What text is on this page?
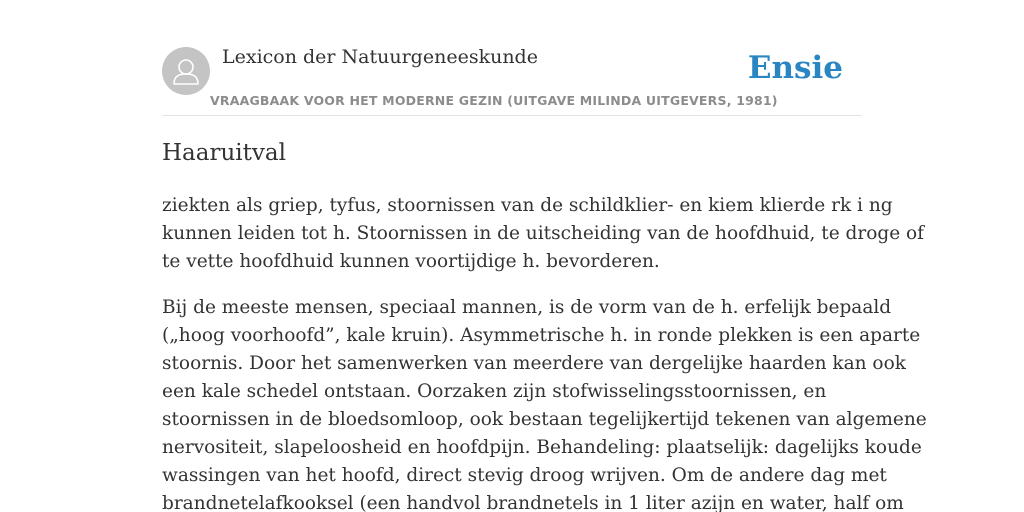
Lexicon der Natuurgeneeskunde
VRAAGBAAK VOOR HET MODERNE GEZIN (UITGAVE MILINDA UITGEVERS, 1981)
Ensie
Haaruitval

ziekten als griep, tyfus, stoornissen van de schildklier- en kiem klierde rk i ng
kunnen leiden tot h. Stoornissen in de uitscheiding van de hoofdhuid, te droge of
te vette hoofdhuid kunnen voortijdige h. bevorderen.

Bij de meeste mensen, speciaal mannen, is de vorm van de h. erfelijk bepaald
(„hoog voorhoofd”, kale kruin). Asymmetrische h. in ronde plekken is een aparte
stoornis. Door het samenwerken van meerdere van dergelijke haarden kan ook
een kale schedel ontstaan. Oorzaken zijn stofwisselingsstoornissen, en
stoornissen in de bloedsomloop, ook bestaan tegelijkertijd tekenen van algemene
nervositeit, slapeloosheid en hoofdpijn. Behandeling: plaatselijk: dagelijks koude
wassingen van het hoofd, direct stevig droog wrijven. Om de andere dag met
brandnetelafkooksel (een handvol brandnetels in 1 liter azijn en water, half om
